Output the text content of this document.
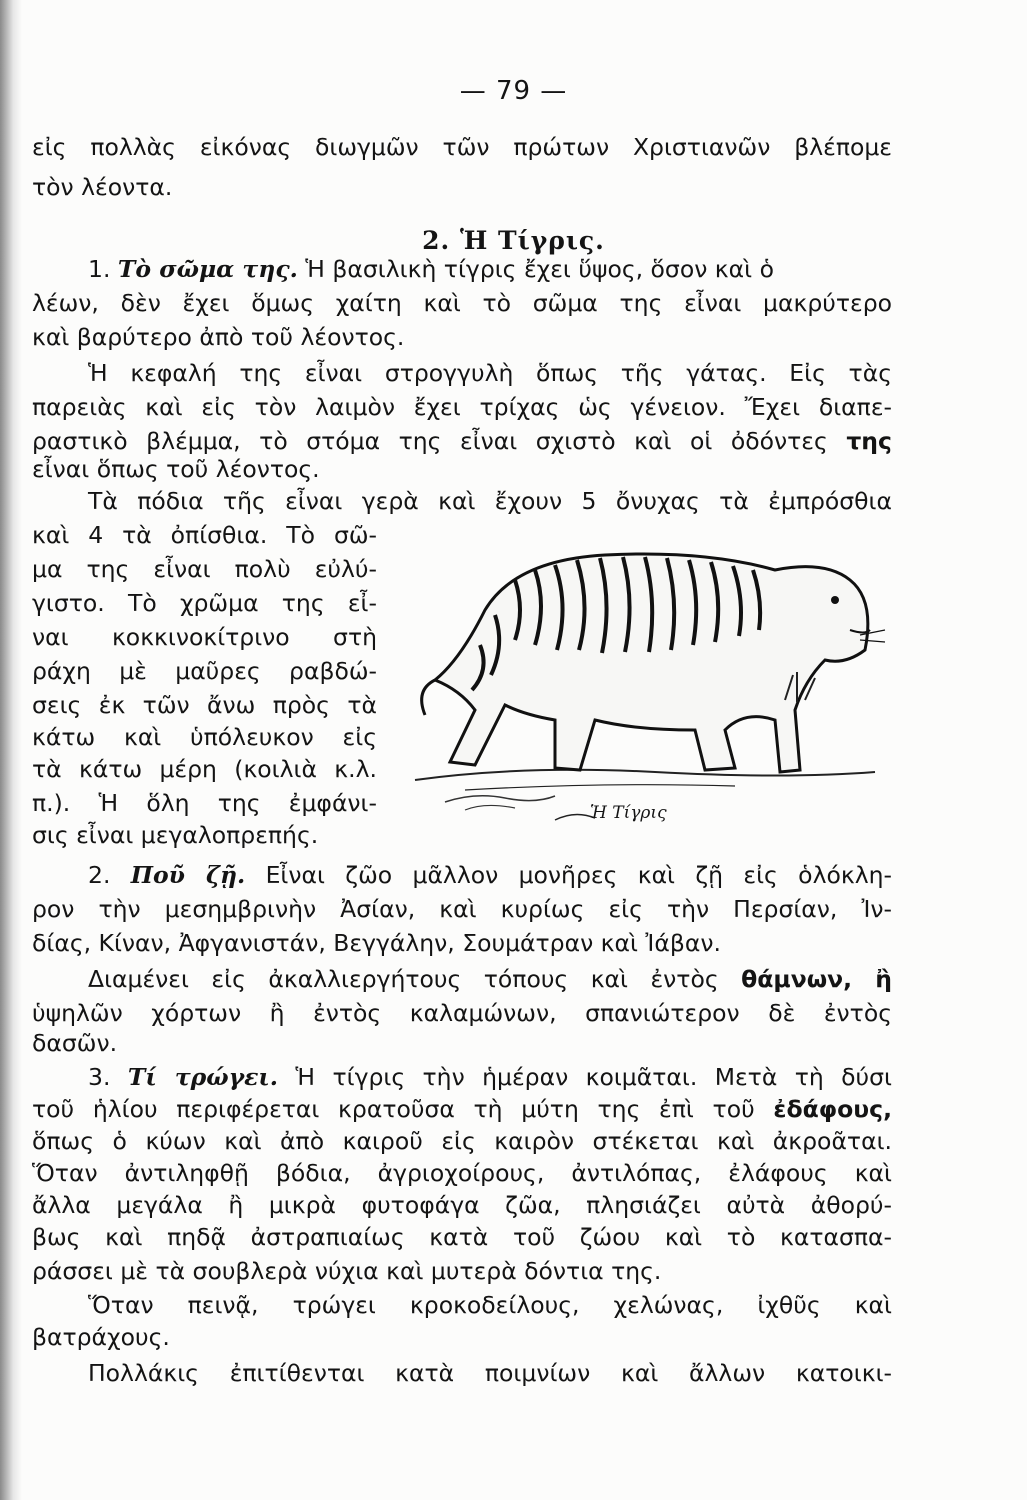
— 79 —
εἰς πολλὰς εἰκόνας διωγμῶν τῶν πρώτων Χριστιανῶν βλέπομε
τὸν λέοντα.
2. Ἡ Τίγρις.
1. Τὸ σῶμα της. Ἡ βασιλικὴ τίγρις ἔχει ὕψος, ὅσον καὶ ὁ
λέων, δὲν ἔχει ὅμως χαίτη καὶ τὸ σῶμα της εἶναι μακρύτερο
καὶ βαρύτερο ἀπὸ τοῦ λέοντος.
Ἡ κεφαλή της εἶναι στρογγυλὴ ὅπως τῆς γάτας. Εἰς τὰς
παρειὰς καὶ εἰς τὸν λαιμὸν ἔχει τρίχας ὡς γένειον. Ἔχει διαπε-
ραστικὸ βλέμμα, τὸ στόμα της εἶναι σχιστὸ καὶ οἱ ὀδόντες της
εἶναι ὅπως τοῦ λέοντος.
Τὰ πόδια τῆς εἶναι γερὰ καὶ ἔχουν 5 ὄνυχας τὰ ἐμπρόσθια
καὶ 4 τὰ ὀπίσθια. Τὸ σῶ-
μα της εἶναι πολὺ εὐλύ-
γιστο. Τὸ χρῶμα της εἶ-
ναι κοκκινοκίτρινο στὴ
ράχη μὲ μαῦρες ραβδώ-
σεις ἐκ τῶν ἄνω πρὸς τὰ
κάτω καὶ ὑπόλευκον εἰς
τὰ κάτω μέρη (κοιλιὰ κ.λ.
π.). Ἡ ὅλη της ἐμφάνι-
σις εἶναι μεγαλοπρεπής.
Ἡ Τίγρις
2. Ποῦ ζῇ. Εἶναι ζῶο μᾶλλον μονῆρες καὶ ζῇ εἰς ὁλόκλη-
ρον τὴν μεσημβρινὴν Ἀσίαν, καὶ κυρίως εἰς τὴν Περσίαν, Ἰν-
δίας, Κίναν, Ἀφγανιστάν, Βεγγάλην, Σουμάτραν καὶ Ἰάβαν.
Διαμένει εἰς ἀκαλλιεργήτους τόπους καὶ ἐντὸς θάμνων, ἢ
ὑψηλῶν χόρτων ἢ ἐντὸς καλαμώνων, σπανιώτερον δὲ ἐντὸς
δασῶν.
3. Τί τρώγει. Ἡ τίγρις τὴν ἡμέραν κοιμᾶται. Μετὰ τὴ δύσι
τοῦ ἡλίου περιφέρεται κρατοῦσα τὴ μύτη της ἐπὶ τοῦ ἐδάφους,
ὅπως ὁ κύων καὶ ἀπὸ καιροῦ εἰς καιρὸν στέκεται καὶ ἀκροᾶται.
Ὅταν ἀντιληφθῇ βόδια, ἀγριοχοίρους, ἀντιλόπας, ἐλάφους καὶ
ἄλλα μεγάλα ἢ μικρὰ φυτοφάγα ζῶα, πλησιάζει αὐτὰ ἀθορύ-
βως καὶ πηδᾷ ἀστραπιαίως κατὰ τοῦ ζώου καὶ τὸ κατασπα-
ράσσει μὲ τὰ σουβλερὰ νύχια καὶ μυτερὰ δόντια της.
Ὅταν πεινᾷ, τρώγει κροκοδείλους, χελώνας, ἰχθῦς καὶ
βατράχους.
Πολλάκις ἐπιτίθενται κατὰ ποιμνίων καὶ ἄλλων κατοικι-
